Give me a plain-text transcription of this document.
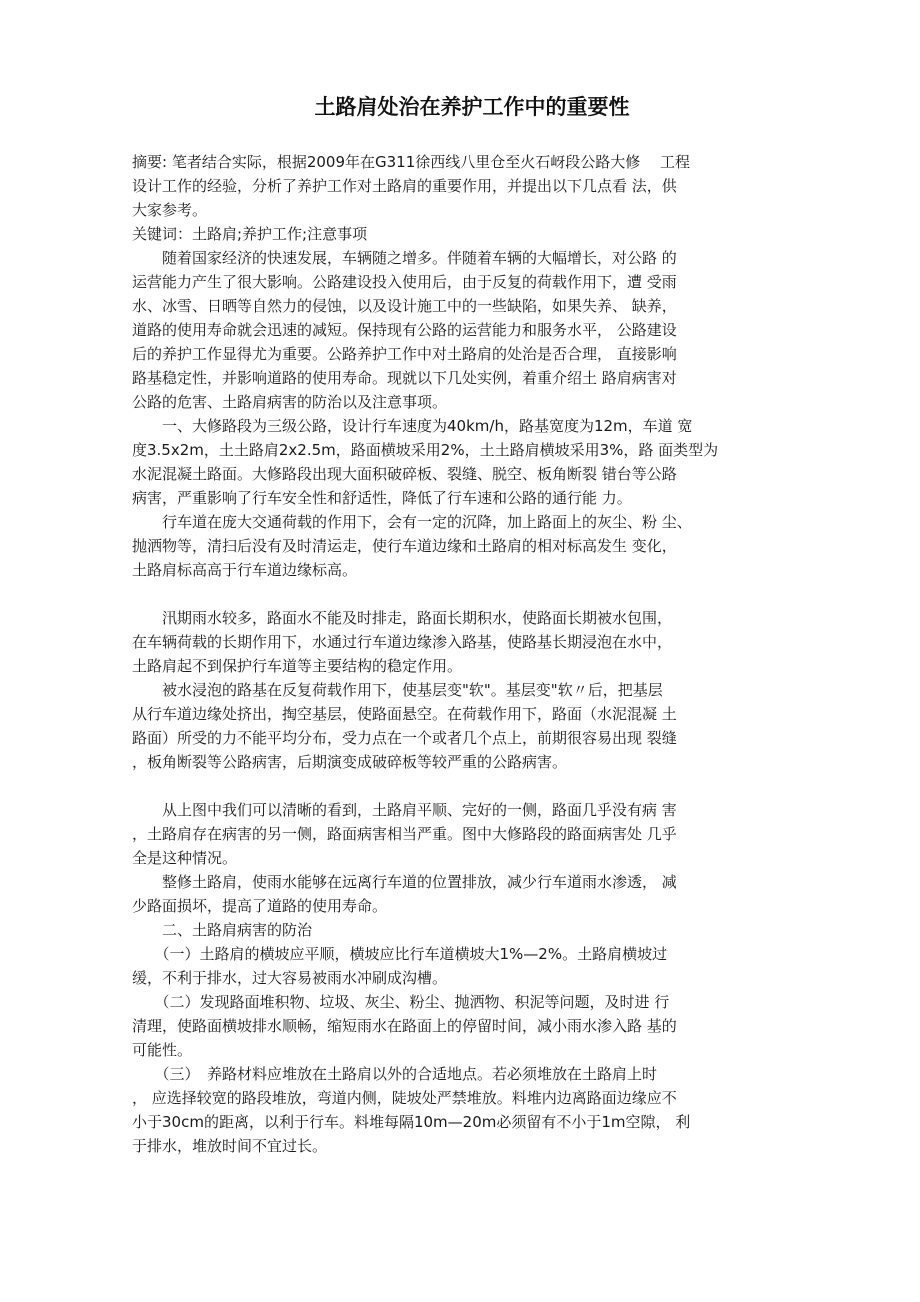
土路肩处治在养护工作中的重要性
摘要: 笔者结合实际，根据2009年在G311徐西线八里仓至火石岈段公路大修　 工程
设计工作的经验，分析了养护工作对土路肩的重要作用，并提出以下几点看 法，供
大家参考。
关键词：土路肩;养护工作;注意事项
　　随着国家经济的快速发展，车辆随之增多。伴随着车辆的大幅增长，对公路 的
运营能力产生了很大影响。公路建设投入使用后，由于反复的荷载作用下，遭 受雨
水、冰雪、日晒等自然力的侵蚀，以及设计施工中的一些缺陷，如果失养、 缺养，
道路的使用寿命就会迅速的减短。保持现有公路的运营能力和服务水平， 公路建设
后的养护工作显得尤为重要。公路养护工作中对土路肩的处治是否合理， 直接影响
路基稳定性，并影响道路的使用寿命。现就以下几处实例，着重介绍土 路肩病害对
公路的危害、土路肩病害的防治以及注意事项。
　　一、大修路段为三级公路，设计行车速度为40km/h，路基宽度为12m，车道 宽
度3.5x2m，土土路肩2x2.5m，路面横坡采用2%，土土路肩横坡采用3%，路 面类型为
水泥混凝土路面。大修路段出现大面积破碎板、裂缝、脱空、板角断裂 错台等公路
病害，严重影响了行车安全性和舒适性，降低了行车速和公路的通行能 力。
　　行车道在庞大交通荷载的作用下，会有一定的沉降，加上路面上的灰尘、粉 尘、
抛洒物等，清扫后没有及时清运走，使行车道边缘和土路肩的相对标高发生 变化，
土路肩标高高于行车道边缘标高。
　　汛期雨水较多，路面水不能及时排走，路面长期积水，使路面长期被水包围，
在车辆荷载的长期作用下，水通过行车道边缘渗入路基，使路基长期浸泡在水中，
土路肩起不到保护行车道等主要结构的稳定作用。
　　被水浸泡的路基在反复荷载作用下，使基层变"软"。基层变"软〃后，把基层
从行车道边缘处挤出，掏空基层，使路面悬空。在荷载作用下，路面（水泥混凝 土
路面）所受的力不能平均分布，受力点在一个或者几个点上，前期很容易出现 裂缝
，板角断裂等公路病害，后期演变成破碎板等较严重的公路病害。
　　从上图中我们可以清晰的看到，土路肩平顺、完好的一侧，路面几乎没有病 害
，土路肩存在病害的另一侧，路面病害相当严重。图中大修路段的路面病害处 几乎
全是这种情况。
　　整修土路肩，使雨水能够在远离行车道的位置排放，减少行车道雨水渗透， 减
少路面损坏，提高了道路的使用寿命。
　　二、土路肩病害的防治
　　（一）土路肩的横坡应平顺，横坡应比行车道横坡大1%—2%。土路肩横坡过
缓，不利于排水，过大容易被雨水冲刷成沟槽。
　　（二）发现路面堆积物、垃圾、灰尘、粉尘、抛洒物、积泥等问题，及时进 行
清理，使路面横坡排水顺畅，缩短雨水在路面上的停留时间，减小雨水渗入路 基的
可能性。
　　（三）　养路材料应堆放在土路肩以外的合适地点。若必须堆放在土路肩上时
， 应选择较宽的路段堆放，弯道内侧，陡坡处严禁堆放。料堆内边离路面边缘应不
小于30cm的距离，以利于行车。料堆每隔10m—20m必须留有不小于1m空隙， 利
于排水，堆放时间不宜过长。
